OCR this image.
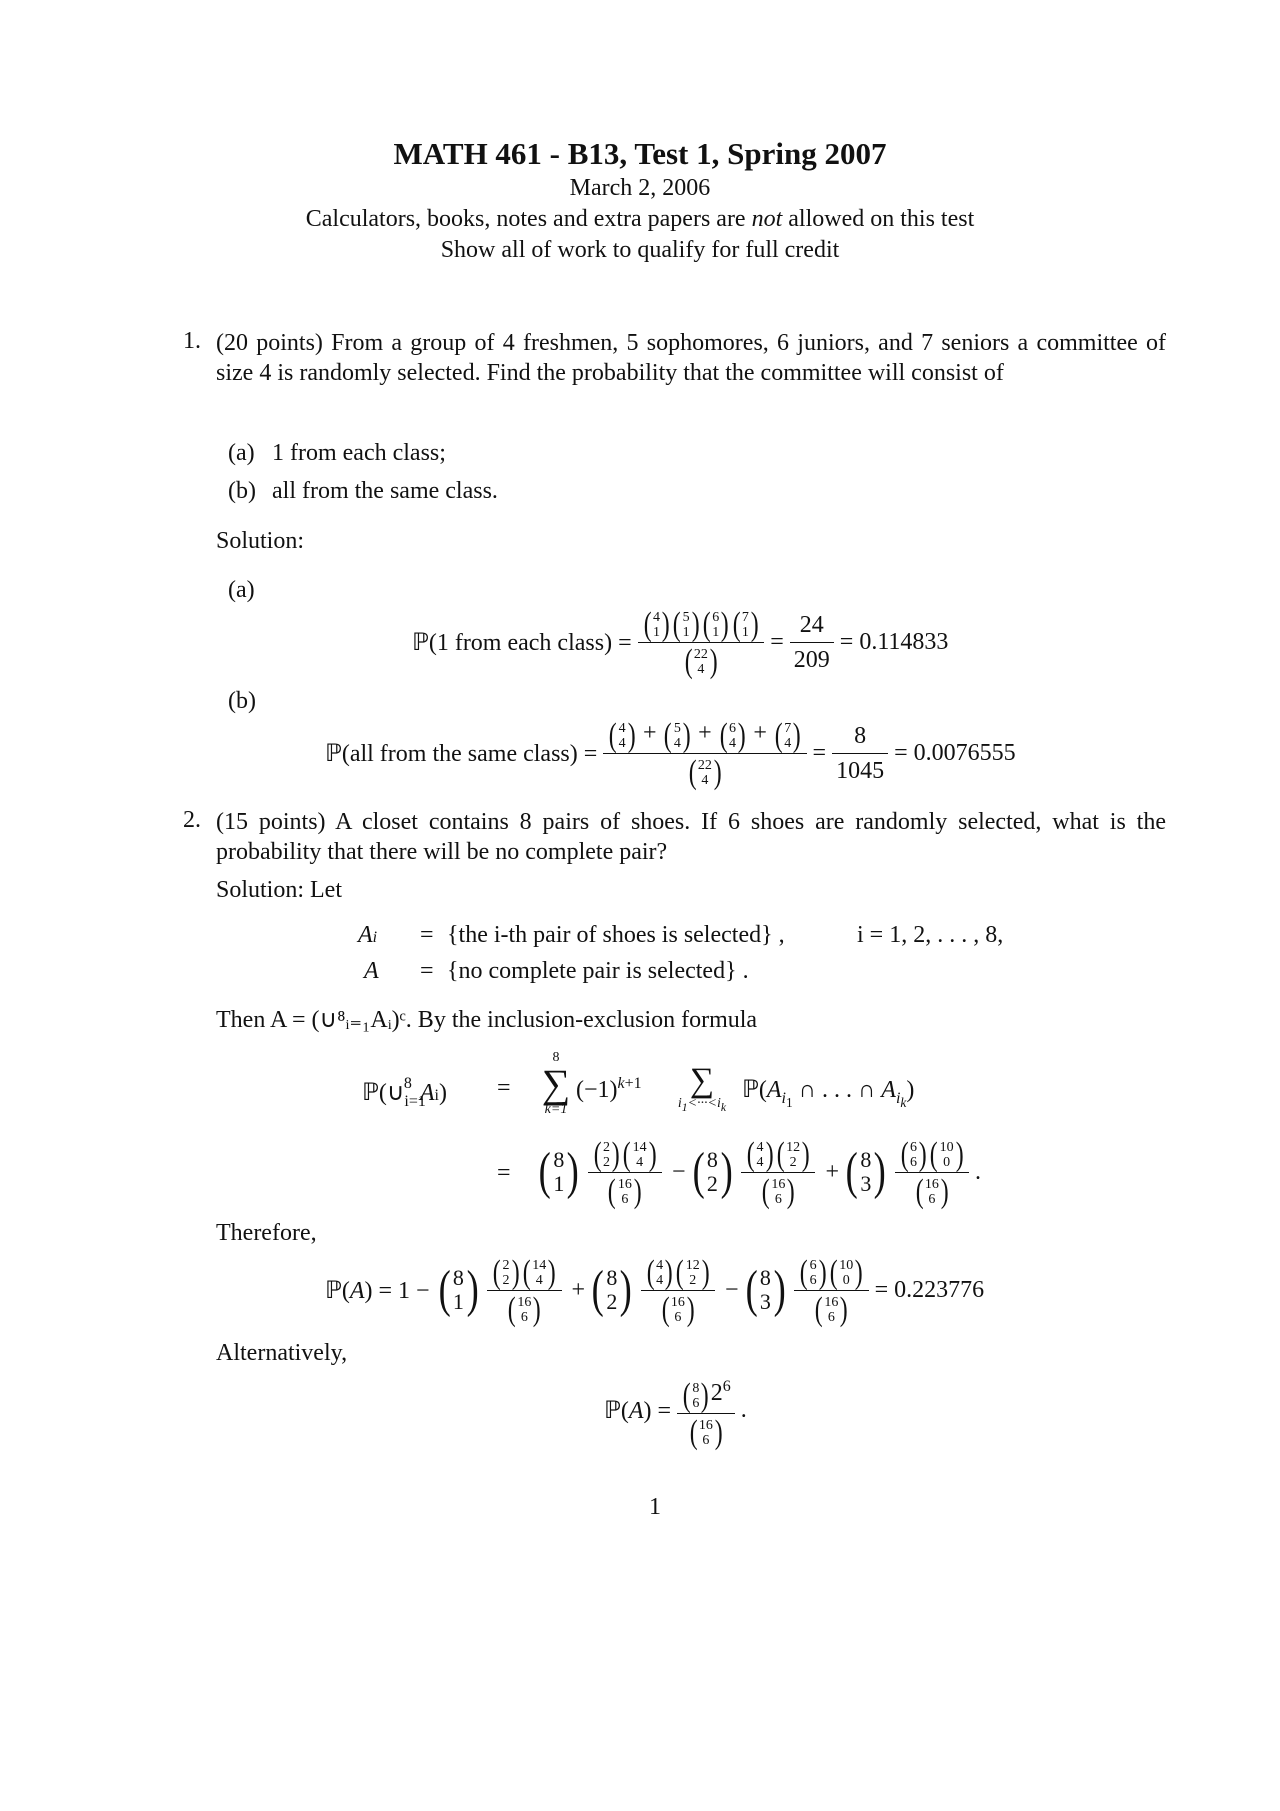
MATH 461 - B13, Test 1, Spring 2007
March 2, 2006
Calculators, books, notes and extra papers are not allowed on this test
Show all of work to qualify for full credit
1. (20 points) From a group of 4 freshmen, 5 sophomores, 6 juniors, and 7 seniors a committee of size 4 is randomly selected. Find the probability that the committee will consist of
(a) 1 from each class;
(b) all from the same class.
Solution:
(a)
ℙ(1 from each class) = ( 4
1)( 5
1)( 6
1)( 7
1)
( 22
4 )
= $\frac{24}{209} = 0.114833$
(b)
ℙ(all from the same class) = ( 4
4) + ( 5
4) + ( 6
4) + ( 7
4)
( 22
4 )
= $\frac{8}{1045} = 0.0076555$
2. (15 points) A closet contains 8 pairs of shoes. If 6 shoes are randomly selected, what is the probability that there will be no complete pair?
Solution: Let
Ai = {the i-th pair of shoes is selected} ,	i = 1, 2, . . . , 8,
A = {no complete pair is selected} .
Then A = (∪⁸ᵢ₌₁Aᵢ)ᶜ. By the inclusion-exclusion formula
$ℙ(\cup_{i=1}^8$ Ai) =
8
∑
k=1
$(-1)^{k+1}$	∑
$i_1<\cdot\cdot\cdot<i_k$
$ℙ(A_{i_1}$ ∩ . . . ∩ $A_{i_k}$)
= ( 8
1) ( 2
2)( 14
4 )
( 16
6 )
− ( 8
2) ( 4
4)( 12
2 )
( 16
6 )
+ ( 8
3) ( 6
6)( 10
0 )
( 16
6 )
.
Therefore,
ℙ(A) = 1 − ( 8
1) ( 2
2)( 14
4 )
( 16
6 )
+ ( 8
2) ( 4
4)( 12
2 )
( 16
6 )
− ( 8
3) ( 6
6)( 10
0 )
( 16
6 )
= 0.223776
Alternatively,
ℙ(A) = ( 8
$6)2^6$
( 16
6 )
.
1
